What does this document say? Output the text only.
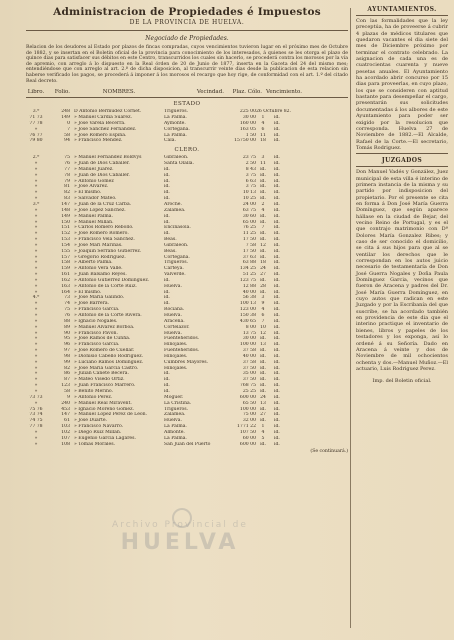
Administracion de Propiedades é Impuestos
DE LA PROVINCIA DE HUELVA.
Negociado de Propiedades.
Relacion de los deudores al Estado por plazos de fincas compradas, cuyos vencimientos tuvieron lugar en el próximo mes de Octubre de 1882, y se insertan en el Boletin oficial de la provincia para conocimiento de los interesados, á quienes se les otorga el plazo de quince dias para satisfacer sus débitos en este Centro, transcurridos los cuales sin hacerlo, se procederá contra los morosos por la vía de apremio, con arreglo á lo dispuesto en la Real órden de 20 de Junio de 1877, inserta en la Gaceta del 24 del mismo mes; entendiéndose que con arreglo al art. 2.º de dicha disposicion, al transcurrir veinte dias desde la publicacion de esta relacion sin haberse verificado los pagos, se procederá á imponer á los morosos el recargo que hoy rige, de conformidad con el art. 1.º del citado Real decreto.
Libro.	Folio.	NOMBRES.	Vecindad.	Plaz. Cólo. Vencimiento.
ESTADO
3.ª	248 D Antonio Bermudez Cornet.	Trigueros.	225 00 26 Octubre 82.
71 73	149 » Manuel Cárdia Suarez.	La Palma.	30 00	1	id.
77 78	0 » José Varela Becerra.	Aymonte.	160 00	4	id.
»	7 » José Sánchez Fernández.	Cortegana.	163 05	6	id.
76 77	58 » José Romero Espina.	La Palma.	1 50 11	id.
79 80	94 » Francisco Mendez.	Cala.	15750 00 18	id.
CLERO.
2.ª	75 » Manuel Fernández Boldvys	Gibraleon.	23 75	3	id.
»	76 » Juan de Dios Caballer.	Santa Olalla.	2 50 11	id.
»	77 » Manuel Juarez.	id.	8 43 id.	id.
»	78 » Juan de Dios Caballer.	id.	3 75 id.	id.
»	79 » Antonio Gómez	id.	6 63 id.	id.
»	81 » José Alvarez.	id.	3 75 id.	id.
»	82 » El mismo.	id.	10 13 id.	id.
»	83 » Salvador Mateo.	id.	10 25 id.	id.
3.ª	147 » Juan de la Cruz Cárba.	Aroche.	24 00	2	id.
»	148 » José López Sánchez.	Zalamea.	63 75	4	id.
»	149 » Manuel Palma.	id.	30 60 id.	id.
»	150 » Manuel Millan.	id.	65 00 id.	id.
»	151 » Carlos Romero Rebollo.	Encinasola.	76 25	7	id.
»	152 » José Romero Romero.	id.	11 25 id.	id.
»	153 » Francisco Vela Sánchez.	Beas.	17 50 id.	id.
»	154 » José Mari Marinas.	Gibraleon.	7 58 12	id.
»	155 » Joaquín Serrano Gutierrez.	Beas.	17 50 id.	id.
»	157 » Gregorio Rodriguez.	Cortegana.	37 63 id.	id.
»	158 » Alberto Palma.	Trigueros.	63 88 18	id.
»	159 » Antonio Vera Valle.	Carteya.	134 25 24	id.
»	161 » Juan Balsamo Reyes.	Valverde.	51 25 27	id.
»	162 » Antonio Gutierrez Domínguez.	id.	123 75 id.	id.
»	163 » Antonio de la Corte Ruiz.	Huelva.	12 88 28	id.
»	164 » El mismo.	id.	40 00 id.	id.
4.ª	73 » José María Galindo.	id.	56 38	3	id.
»	74 » José Barrera.	id.	100 13	9	id.
»	75 » Francisco García.	Rociana.	123 00	4	id.
»	76 » Antonio de la Corte Rivera.	Huelva.	150 38	6	id.
»	88 » Ignacio Nogales.	Aracena.	430 65	7	id.
»	89 » Manuel Alvarez Borboa.	Cortelazor.	8 00 10	id.
»	90 » Francisco Pavon.	Huelva.	13 75 12	id.
»	95 » José Ramos de Cunha.	Fuenteheridos.	30 00 id.	id.
»	96 » Francisco García.	Hinojales.	100 00 13	id.
»	97 » José Romero de Cuellar.	Fuenteheridos.	37 58 id.	id.
»	98 » Dionisio Cabello Rodriguez.	Hinojales.	40 00 id.	id.
»	99 » Luciano Ramos Domínguez.	Cumbres Mayores.	37 58 id.	id.
»	82 » José María García Castro.	Hinojales.	37 50 id.	id.
»	86 » Julian Cañete Becera.	id.	35 00 id.	id.
»	87 » Mateo Visedo Ortiz.	id.	37 50 id.	id.
»	123 » Juan Francisco Marrero.	id.	768 75 id.	id.
»	58 » Benito Merino.	id.	25 25 id.	id.
73 73	9 » Antonio Pérez.	Moguer.	600 00 24	id.
»	240 » Manuel Real Miravent.	La Cristina.	65 50 13	id.
75 76	453 » Ignacio Moreno Gómez.	Trigueros.	100 00 id.	id.
73 74	147 » Manuel Lopez Pérez de Leon.	Zalamea.	75 00 27	id.
74 75	61 » José Duarte.	Huelva.	32 00 id.	id.
77 78	103 » Francisco Navarro.	La Palma.	1771 22	1	id.
»	102 » Diego Ruiz Millan.	Almonte.	107 50	4	id.
»	107 » Eugenio García Lagares.	La Palma.	60 00	5	id.
»	108 » Tomás Morales.	San Juan del Puerto	600 00 id.	id.
(Se continuará.)
AYUNTAMIENTOS.
Con las formalidades que la ley preceptúa, ha de proveerse á cubrir 4 plazas de médicos titulares que quedaron vacantes el dia siete del mes de Diciembre próximo por terminar el contrato celebrado. La asignacion de cada una es de cuatrocientas cuarenta y nueve pesetas anuales. El Ayuntamiento ha acordado abrir concurso por 15 dias para proveerlas, en cuyo plazo, los que se consideren con aptitud bastante para desempeñar el cargo, presentarán sus solicitudes documentadas á los albores de este Ayuntamiento para poder ser exigido por la resolucion que corresponda. Huelva 27 de Noviembre de 1882.—El Alcalde, Rafael de la Corte.—El secretario, Tomás Rodriguez.
JUZGADOS
Don Manuel Vadés y González, Juez municipal de esta villa é interino de primera instancia de la misma y su partido por indisposicion del propietario. Por el presente se cita en forma á Don José María Guerra Domínguez, que según aparece hállase en la ciudad de Bejar, del vecino Reino de Portugal, y es el que contrajo matrimonio con Dª Dolores María Gonzalez Ribes; y caso de ser conocido el domicilio, se cita á sus hijos para que al se ventilar los derechos que le correspondan en los autos juicio necesario de testamentaría de Don José Guerra Nogales y Doña Paula Domínguez Garcia, vecinos que fueron de Aracena y padres del Dr. José María Guerra Domínguez, en cuyo autos que radican en este Juzgado y por la Escribanía del que suscribe, se ha acordado también en providencia de este dia que el interino practique el inventario de bienes, libros y papeles de los testadores y los exponga, así lo ordené á su Señoría. Dado en Aracena á veinte y dos de Noviembre de mil ochocientos ochenta y dos.—Manuel Muñoz.—El actuario, Luis Rodriguez Perez.
Imp. del Boletin oficial.
Archivo Provincial de
HUELVA
